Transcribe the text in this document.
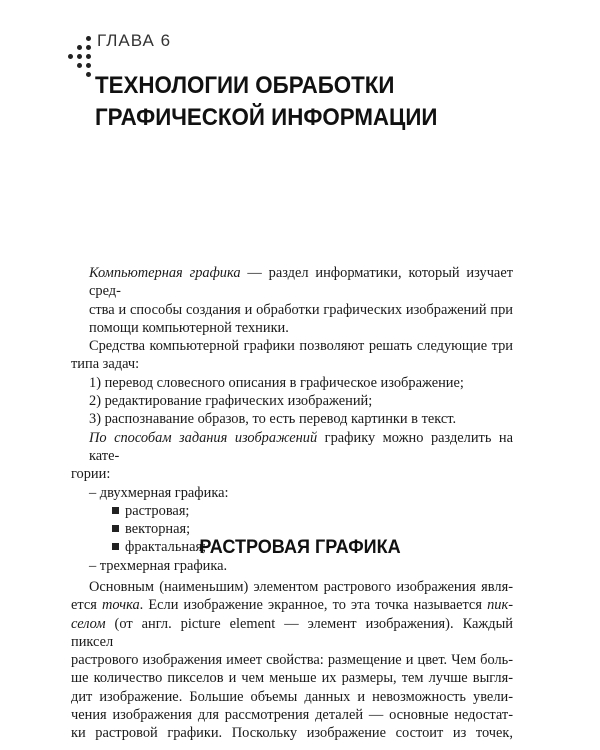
ГЛАВА 6
ТЕХНОЛОГИИ ОБРАБОТКИ
ГРАФИЧЕСКОЙ ИНФОРМАЦИИ

Компьютерная графика — раздел информатики, который изучает сред-

ства и способы создания и обработки графических изображений при

помощи компьютерной техники.

Средства компьютерной графики позволяют решать следующие три

типа задач:

1) перевод словесного описания в графическое изображение;

2) редактирование графических изображений;

3) распознавание образов, то есть перевод картинки в текст.

По способам задания изображений графику можно разделить на кате-

гории:

– двухмерная графика:

растровая;

векторная;

фрактальная;

– трехмерная графика.

РАСТРОВАЯ ГРАФИКА

Основным (наименьшим) элементом растрового изображения явля-

ется точка. Если изображение экранное, то эта точка называется пик-

селом (от англ. picture element — элемент изображения). Каждый пиксел

растрового изображения имеет свойства: размещение и цвет. Чем боль-

ше количество пикселов и чем меньше их размеры, тем лучше выгля-

дит изображение. Большие объемы данных и невозможность увели-

чения изображения для рассмотрения деталей — основные недостат-

ки растровой графики. Поскольку изображение состоит из точек,
